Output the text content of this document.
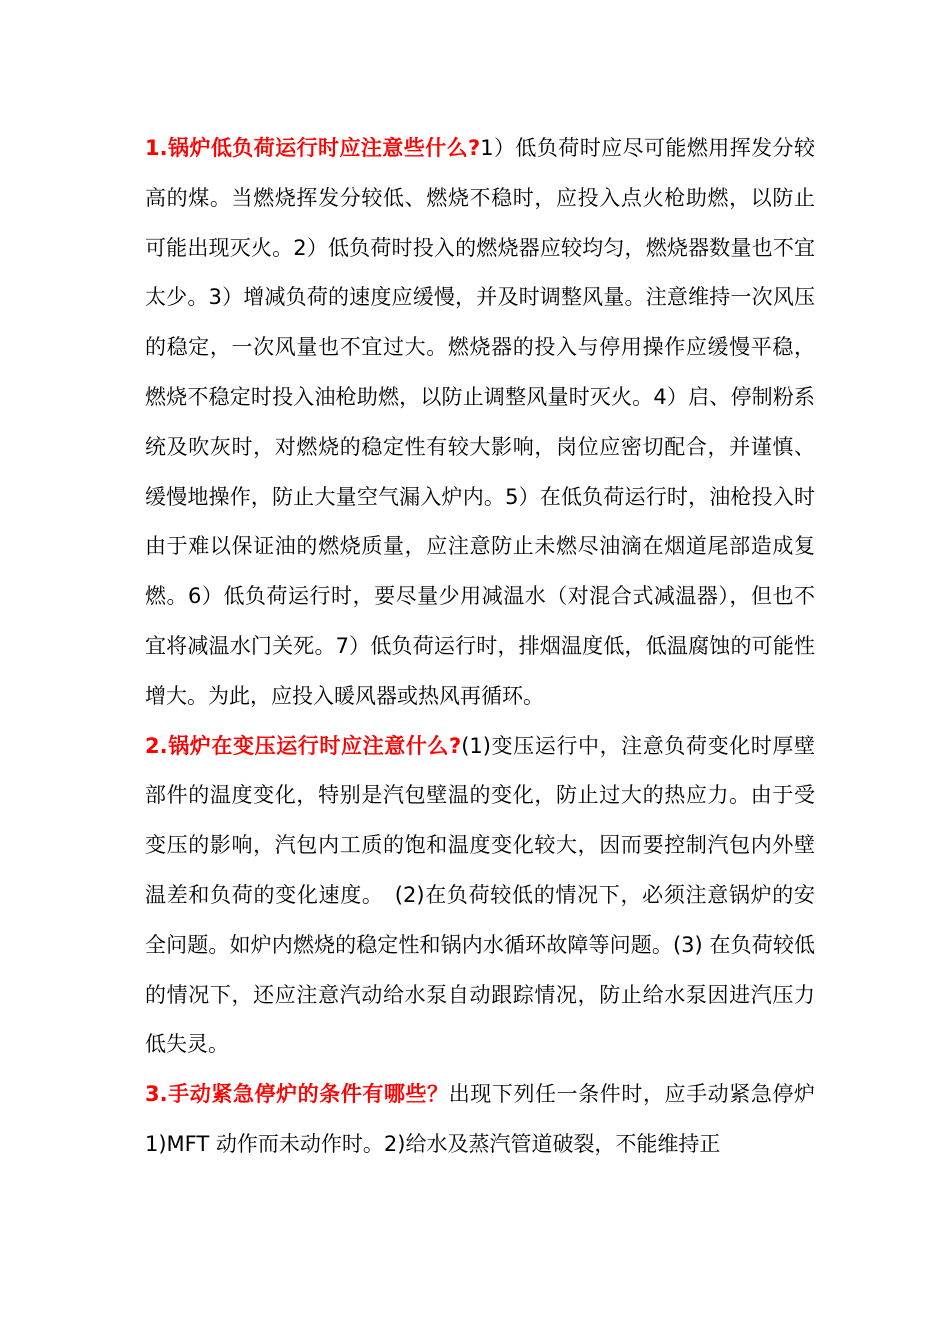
1.锅炉低负荷运行时应注意些什么?1）低负荷时应尽可能燃用挥发分较高的煤。当燃烧挥发分较低、燃烧不稳时，应投入点火枪助燃，以防止可能出现灭火。2）低负荷时投入的燃烧器应较均匀，燃烧器数量也不宜太少。3）增减负荷的速度应缓慢，并及时调整风量。注意维持一次风压的稳定，一次风量也不宜过大。燃烧器的投入与停用操作应缓慢平稳，燃烧不稳定时投入油枪助燃，以防止调整风量时灭火。4）启、停制粉系统及吹灰时，对燃烧的稳定性有较大影响，岗位应密切配合，并谨慎、缓慢地操作，防止大量空气漏入炉内。5）在低负荷运行时，油枪投入时由于难以保证油的燃烧质量，应注意防止未燃尽油滴在烟道尾部造成复燃。6）低负荷运行时，要尽量少用减温水（对混合式减温器），但也不宜将减温水门关死。7）低负荷运行时，排烟温度低，低温腐蚀的可能性增大。为此，应投入暖风器或热风再循环。

2.锅炉在变压运行时应注意什么?(1)变压运行中，注意负荷变化时厚壁部件的温度变化，特别是汽包壁温的变化，防止过大的热应力。由于受变压的影响，汽包内工质的饱和温度变化较大，因而要控制汽包内外壁温差和负荷的变化速度。　(2)在负荷较低的情况下，必须注意锅炉的安全问题。如炉内燃烧的稳定性和锅内水循环故障等问题。(3) 在负荷较低的情况下，还应注意汽动给水泵自动跟踪情况，防止给水泵因进汽压力低失灵。

3.手动紧急停炉的条件有哪些？出现下列任一条件时，应手动紧急停炉 1)MFT 动作而未动作时。2)给水及蒸汽管道破裂，不能维持正
